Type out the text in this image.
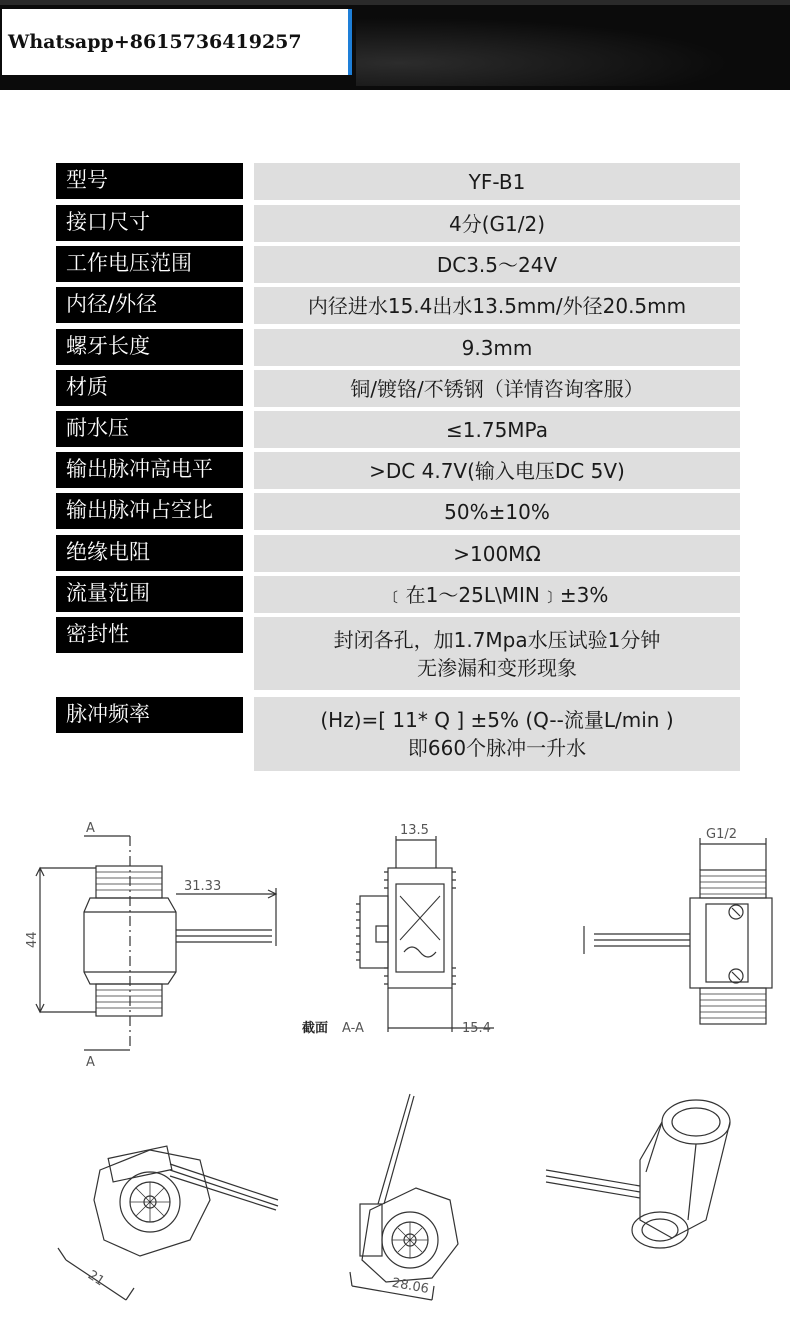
Whatsapp+8615736419257
型号	YF-B1
接口尺寸	4分(G1/2)
工作电压范围	DC3.5～24V
内径/外径	内径进水15.4出水13.5mm/外径20.5mm
螺牙长度	9.3mm
材质	铜/镀铬/不锈钢（详情咨询客服）
耐水压	≤1.75MPa
输出脉冲高电平	>DC 4.7V(输入电压DC 5V)
输出脉冲占空比	50%±10%
绝缘电阻	>100MΩ
流量范围	﹝在1～25L\MIN﹞±3%
密封性	封闭各孔，加1.7Mpa水压试验1分钟
无渗漏和变形现象
脉冲频率	(Hz)=[ 11* Q ] ±5% (Q--流量L/min )
即660个脉冲一升水
A
A
44
31.33
13.5
15.4
截面 A-A
G1/2
21	28.06
